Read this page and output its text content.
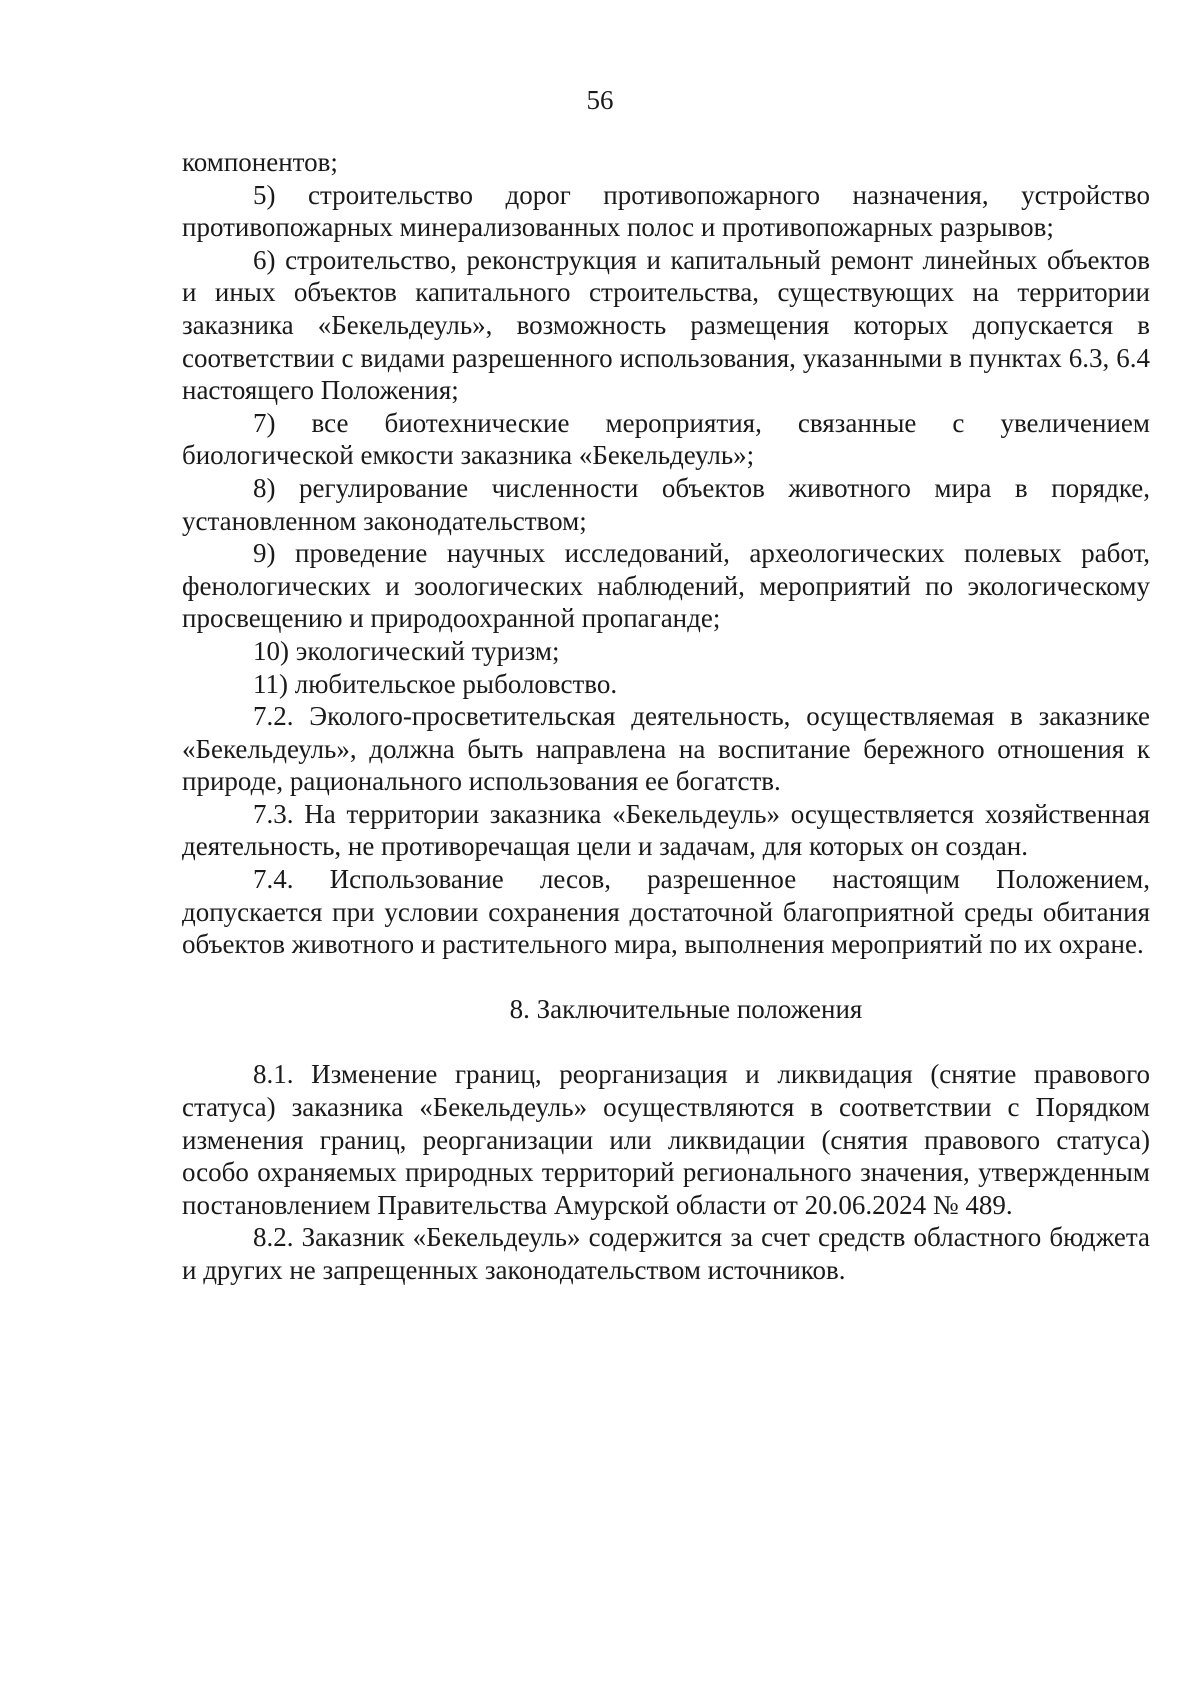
56

компонентов;

5) строительство дорог противопожарного назначения, устройство противопожарных минерализованных полос и противопожарных разрывов;

6) строительство, реконструкция и капитальный ремонт линейных объектов и иных объектов капитального строительства, существующих на территории заказника «Бекельдеуль», возможность размещения которых допускается в соответствии с видами разрешенного использования, указанными в пунктах 6.3, 6.4 настоящего Положения;

7) все биотехнические мероприятия, связанные с увеличением биологической емкости заказника «Бекельдеуль»;

8) регулирование численности объектов животного мира в порядке, установленном законодательством;

9) проведение научных исследований, археологических полевых работ, фенологических и зоологических наблюдений, мероприятий по экологическому просвещению и природоохранной пропаганде;

10) экологический туризм;

11) любительское рыболовство.

7.2. Эколого-просветительская деятельность, осуществляемая в заказнике «Бекельдеуль», должна быть направлена на воспитание бережного отношения к природе, рационального использования ее богатств.

7.3. На территории заказника «Бекельдеуль» осуществляется хозяйственная деятельность, не противоречащая цели и задачам, для которых он создан.

7.4. Использование лесов, разрешенное настоящим Положением, допускается при условии сохранения достаточной благоприятной среды обитания объектов животного и растительного мира, выполнения мероприятий по их охране.

8. Заключительные положения

8.1. Изменение границ, реорганизация и ликвидация (снятие правового статуса) заказника «Бекельдеуль» осуществляются в соответствии с Порядком изменения границ, реорганизации или ликвидации (снятия правового статуса) особо охраняемых природных территорий регионального значения, утвержденным постановлением Правительства Амурской области от 20.06.2024 № 489.

8.2. Заказник «Бекельдеуль» содержится за счет средств областного бюджета и других не запрещенных законодательством источников.
